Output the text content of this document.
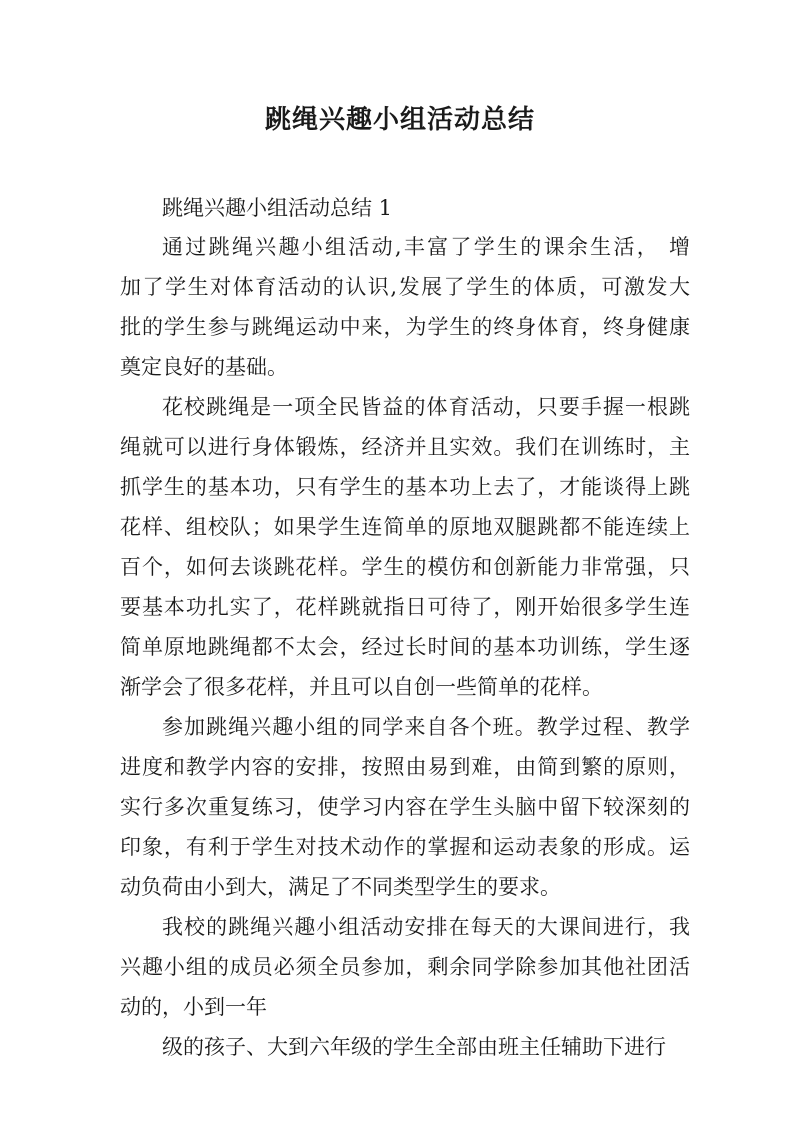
跳绳兴趣小组活动总结
跳绳兴趣小组活动总结 1
通过跳绳兴趣小组活动,丰富了学生的课余生活， 增
加了学生对体育活动的认识,发展了学生的体质，可激发大
批的学生参与跳绳运动中来，为学生的终身体育，终身健康
奠定良好的基础。
花校跳绳是一项全民皆益的体育活动，只要手握一根跳
绳就可以进行身体锻炼，经济并且实效。我们在训练时，主
抓学生的基本功，只有学生的基本功上去了，才能谈得上跳
花样、组校队；如果学生连简单的原地双腿跳都不能连续上
百个，如何去谈跳花样。学生的模仿和创新能力非常强，只
要基本功扎实了，花样跳就指日可待了，刚开始很多学生连
简单原地跳绳都不太会，经过长时间的基本功训练，学生逐
渐学会了很多花样，并且可以自创一些简单的花样。
参加跳绳兴趣小组的同学来自各个班。教学过程、教学
进度和教学内容的安排，按照由易到难，由简到繁的原则，
实行多次重复练习，使学习内容在学生头脑中留下较深刻的
印象，有利于学生对技术动作的掌握和运动表象的形成。运
动负荷由小到大，满足了不同类型学生的要求。
我校的跳绳兴趣小组活动安排在每天的大课间进行，我
兴趣小组的成员必须全员参加，剩余同学除参加其他社团活
动的，小到一年
级的孩子、大到六年级的学生全部由班主任辅助下进行
